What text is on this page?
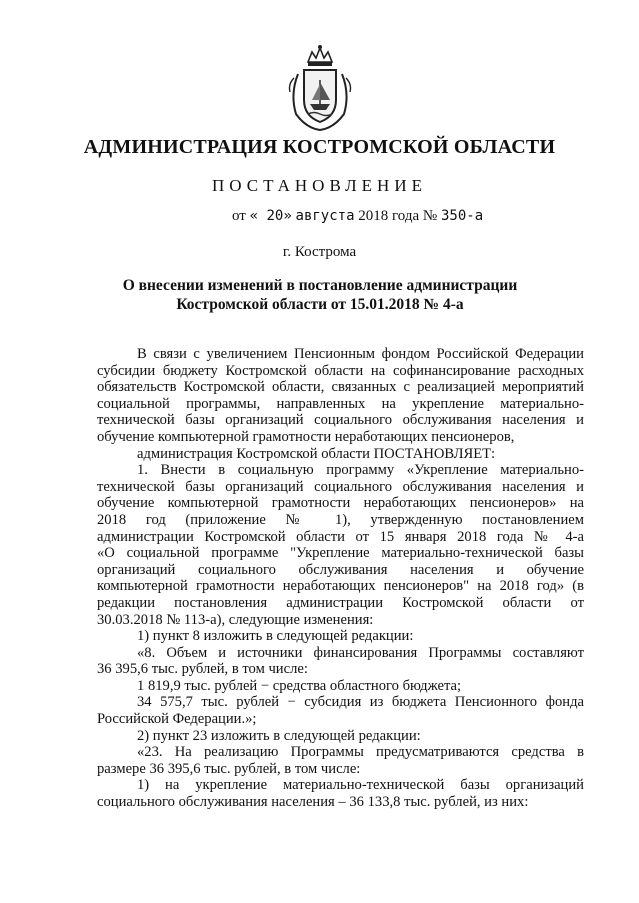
АДМИНИСТРАЦИЯ КОСТРОМСКОЙ ОБЛАСТИ
ПОСТАНОВЛЕНИЕ
от « 20» августа 2018 года № 350-а
г. Кострома
О внесении изменений в постановление администрации
Костромской области от 15.01.2018 № 4-а
В связи с увеличением Пенсионным фондом Российской Федерации
субсидии бюджету Костромской области на софинансирование расходных
обязательств Костромской области, связанных с реализацией мероприятий
социальной программы, направленных на укрепление материально-
технической базы организаций социального обслуживания населения и
обучение компьютерной грамотности неработающих пенсионеров,
администрация Костромской области ПОСТАНОВЛЯЕТ:
1. Внести в социальную программу «Укрепление материально-
технической базы организаций социального обслуживания населения и
обучение компьютерной грамотности неработающих пенсионеров» на
2018 год (приложение № 1), утвержденную постановлением
администрации Костромской области от 15 января 2018 года № 4-а
«О социальной программе "Укрепление материально-технической базы
организаций социального обслуживания населения и обучение
компьютерной грамотности неработающих пенсионеров" на 2018 год» (в
редакции постановления администрации Костромской области от
30.03.2018 № 113-а), следующие изменения:
1) пункт 8 изложить в следующей редакции:
«8. Объем и источники финансирования Программы составляют
36 395,6 тыс. рублей, в том числе:
1 819,9 тыс. рублей − средства областного бюджета;
34 575,7 тыс. рублей − субсидия из бюджета Пенсионного фонда
Российской Федерации.»;
2) пункт 23 изложить в следующей редакции:
«23. На реализацию Программы предусматриваются средства в
размере 36 395,6 тыс. рублей, в том числе:
1) на укрепление материально-технической базы организаций
социального обслуживания населения – 36 133,8 тыс. рублей, из них:
